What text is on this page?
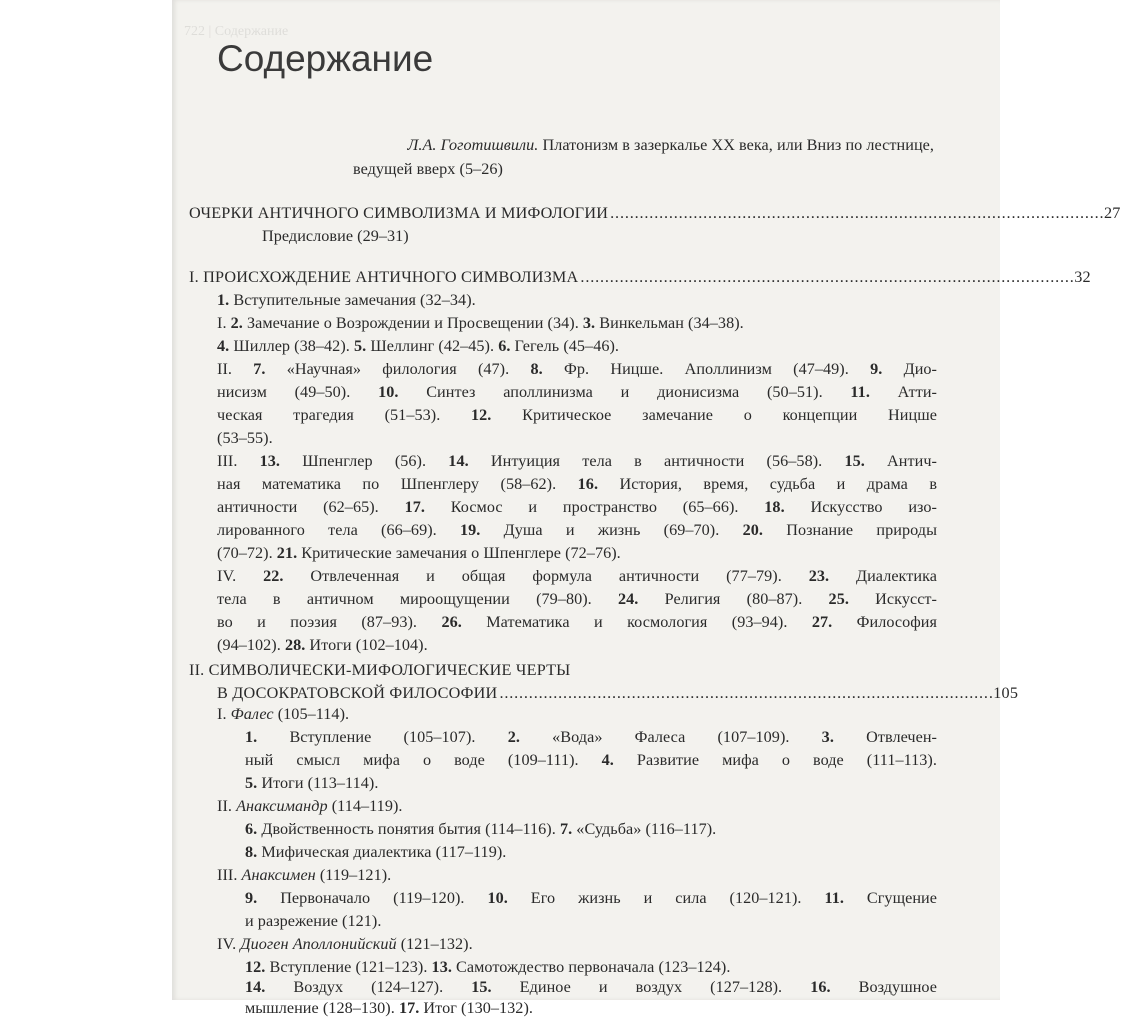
722 | Содержание
Содержание
Л.А. Гоготишвили. Платонизм в зазеркалье XX века, или Вниз по лестнице,
ведущей вверх (5–26)
ОЧЕРКИ АНТИЧНОГО СИМВОЛИЗМА И МИФОЛОГИИ . . .	27
Предисловие (29–31)
I. ПРОИСХОЖДЕНИЕ АНТИЧНОГО СИМВОЛИЗМА . . .	32
1. Вступительные замечания (32–34).
I. 2. Замечание о Возрождении и Просвещении (34). 3. Винкельман (34–38).
4. Шиллер (38–42). 5. Шеллинг (42–45). 6. Гегель (45–46).
II. 7. «Научная» филология (47). 8. Фр. Ницше. Аполлинизм (47–49). 9. Дио-
нисизм (49–50). 10. Синтез аполлинизма и дионисизма (50–51). 11. Атти-
ческая трагедия (51–53). 12. Критическое замечание о концепции Ницше
(53–55).
III. 13. Шпенглер (56). 14. Интуиция тела в античности (56–58). 15. Антич-
ная математика по Шпенглеру (58–62). 16. История, время, судьба и драма в
античности (62–65). 17. Космос и пространство (65–66). 18. Искусство изо-
лированного тела (66–69). 19. Душа и жизнь (69–70). 20. Познание природы
(70–72). 21. Критические замечания о Шпенглере (72–76).
IV. 22. Отвлеченная и общая формула античности (77–79). 23. Диалектика
тела в античном мироощущении (79–80). 24. Религия (80–87). 25. Искусст-
во и поэзия (87–93). 26. Математика и космология (93–94). 27. Философия
(94–102). 28. Итоги (102–104).
II. СИМВОЛИЧЕСКИ-МИФОЛОГИЧЕСКИЕ ЧЕРТЫ
В ДОСОКРАТОВСКОЙ ФИЛОСОФИИ . . .	105
I. Фалес (105–114).
1. Вступление (105–107). 2. «Вода» Фалеса (107–109). 3. Отвлечен-
ный смысл мифа о воде (109–111). 4. Развитие мифа о воде (111–113).
5. Итоги (113–114).
II. Анаксимандр (114–119).
6. Двойственность понятия бытия (114–116). 7. «Судьба» (116–117).
8. Мифическая диалектика (117–119).
III. Анаксимен (119–121).
9. Первоначало (119–120). 10. Его жизнь и сила (120–121). 11. Сгущение
и разрежение (121).
IV. Диоген Аполлонийский (121–132).
12. Вступление (121–123). 13. Самотождество первоначала (123–124).
14. Воздух (124–127). 15. Единое и воздух (127–128). 16. Воздушное
мышление (128–130). 17. Итог (130–132).
